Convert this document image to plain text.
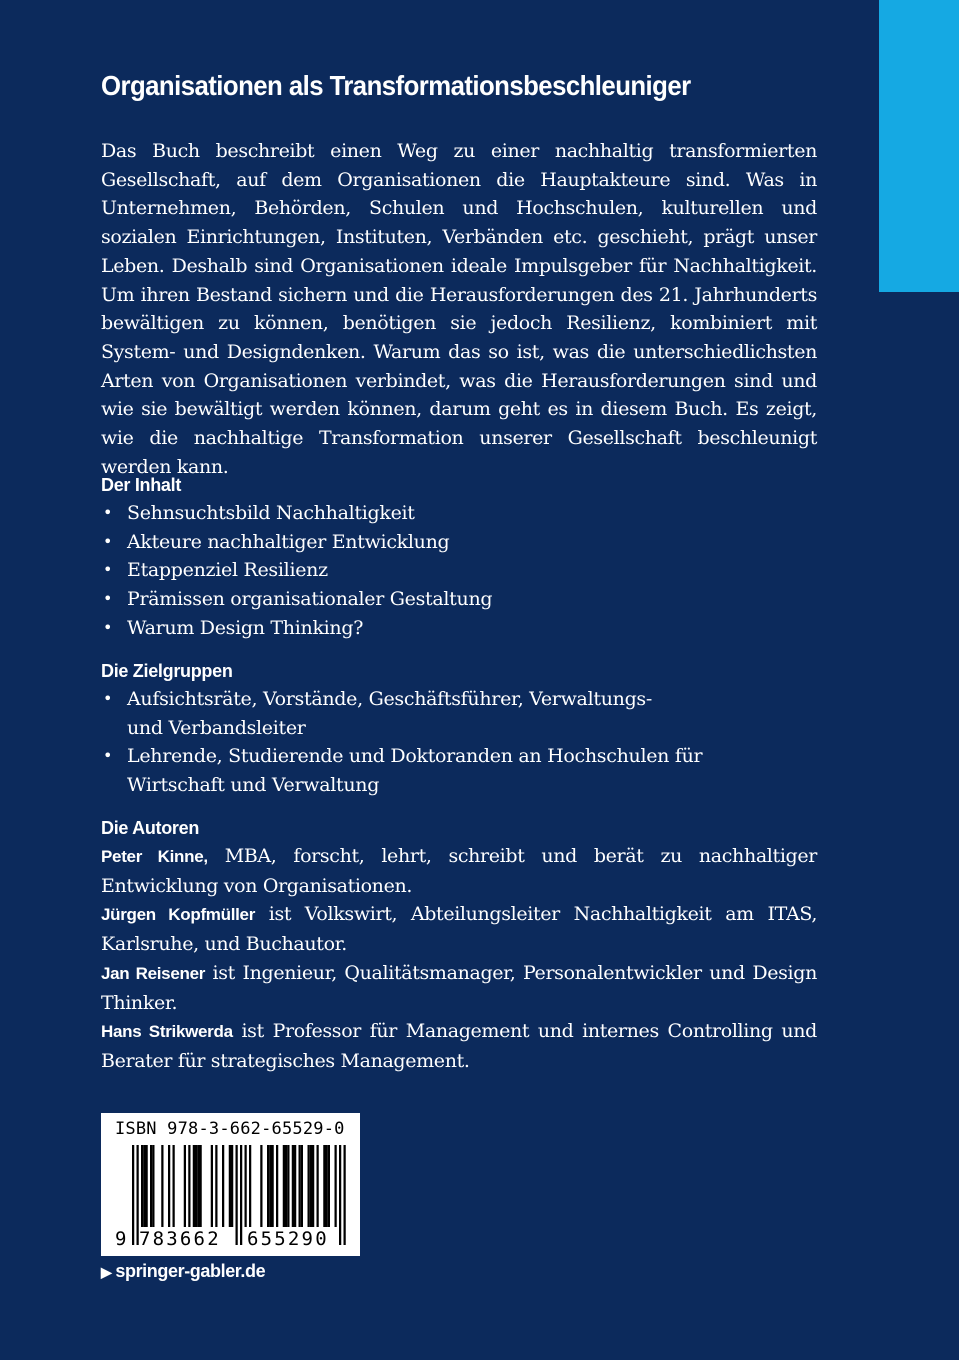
Organisationen als Transformationsbeschleuniger

Das Buch beschreibt einen Weg zu einer nachhaltig transformierten Gesellschaft, auf dem Organisationen die Hauptakteure sind. Was in Unternehmen, Behörden, Schulen und Hochschulen, kulturellen und sozialen Einrichtungen, Instituten, Verbänden etc. geschieht, prägt unser Leben. Deshalb sind Organisationen ideale Impulsgeber für Nachhaltigkeit. Um ihren Bestand sichern und die Herausforderungen des 21. Jahrhunderts bewältigen zu können, benötigen sie jedoch Resilienz, kombiniert mit System- und Designdenken. Warum das so ist, was die unterschiedlichsten Arten von Organisationen verbindet, was die Herausforderungen sind und wie sie bewältigt werden können, darum geht es in diesem Buch. Es zeigt, wie die nachhaltige Transformation unserer Gesellschaft beschleunigt werden kann.

Der Inhalt
• Sehnsuchtsbild Nachhaltigkeit
• Akteure nachhaltiger Entwicklung
• Etappenziel Resilienz
• Prämissen organisationaler Gestaltung
• Warum Design Thinking?
Die Zielgruppen
• Aufsichtsräte, Vorstände, Geschäftsführer, Verwaltungs- und Verbandsleiter
• Lehrende, Studierende und Doktoranden an Hochschulen für Wirtschaft und Verwaltung
Die Autoren

Peter Kinne, MBA, forscht, lehrt, schreibt und berät zu nachhaltiger Entwicklung von Organisationen.

Jürgen Kopfmüller ist Volkswirt, Abteilungsleiter Nachhaltigkeit am ITAS, Karlsruhe, und Buchautor.

Jan Reisener ist Ingenieur, Qualitätsmanager, Personalentwickler und Design Thinker.

Hans Strikwerda ist Professor für Management und internes Controlling und Berater für strategisches Management.

ISBN 978-3-662-65529-0
9 783662 655290
▶ springer-gabler.de
